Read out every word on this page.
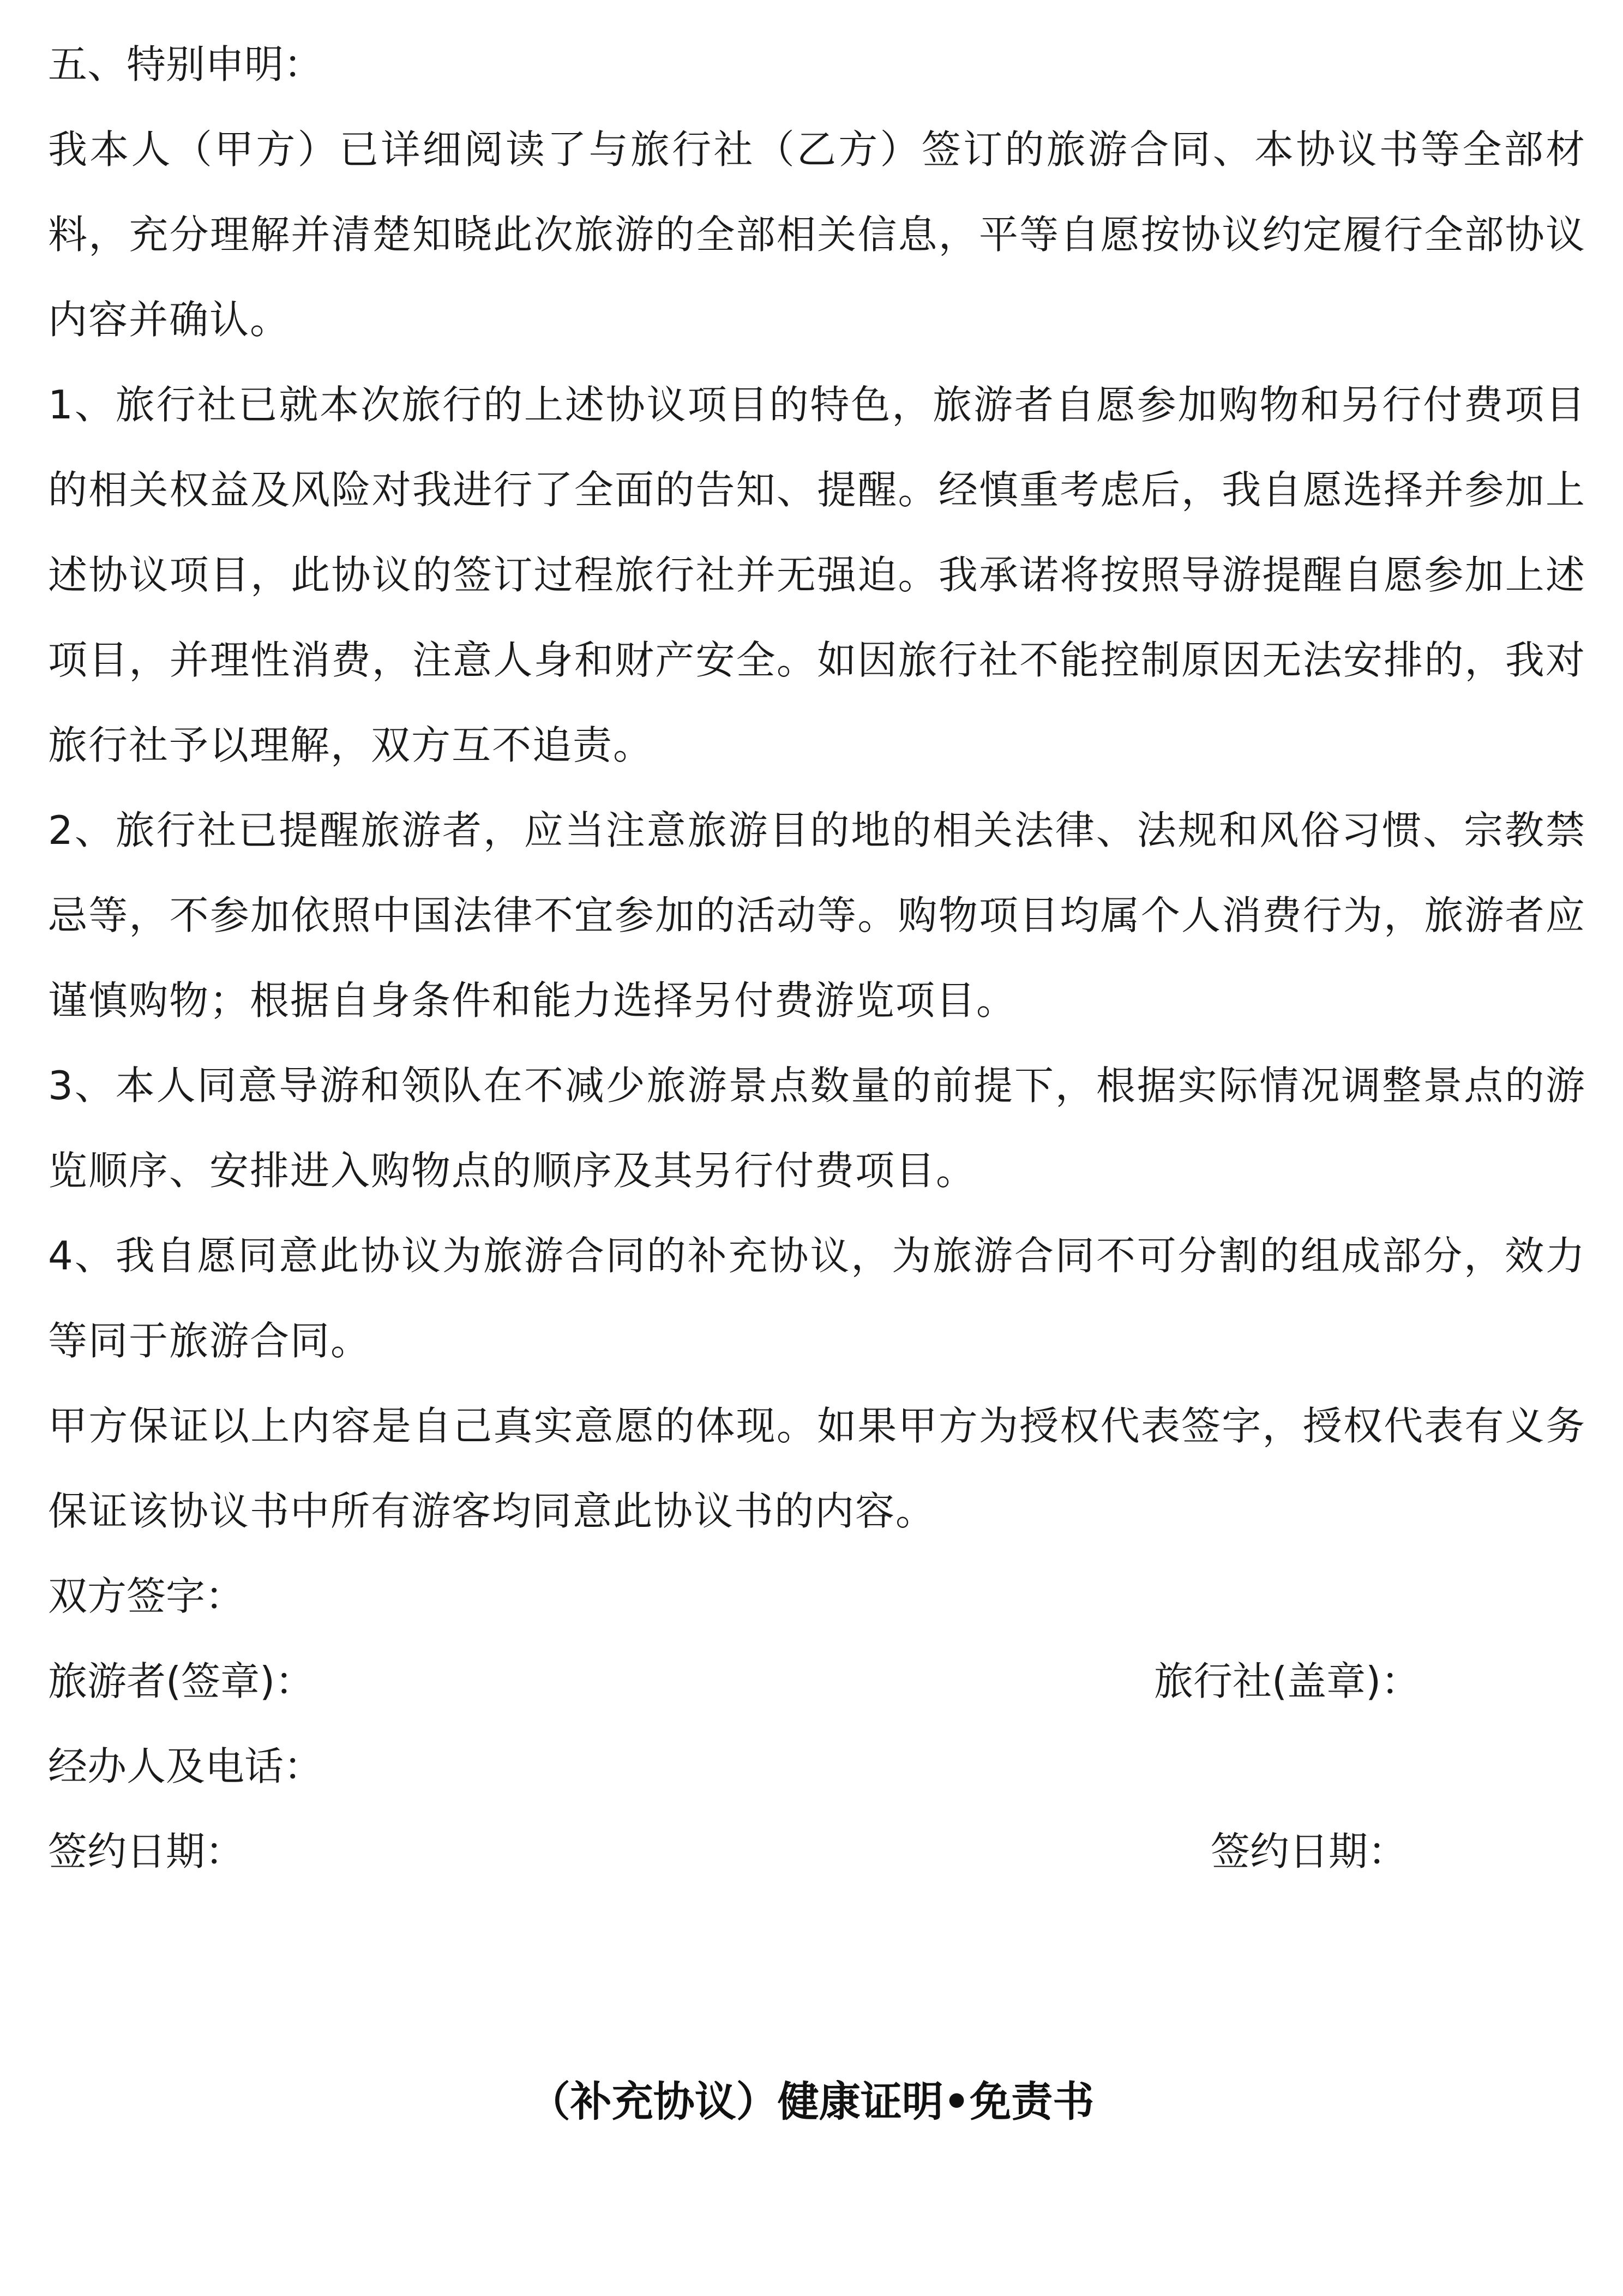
五、特别申明：

我本人（甲方）已详细阅读了与旅行社（乙方）签订的旅游合同、本协议书等全部材料，充分理解并清楚知晓此次旅游的全部相关信息，平等自愿按协议约定履行全部协议内容并确认。

1、旅行社已就本次旅行的上述协议项目的特色，旅游者自愿参加购物和另行付费项目的相关权益及风险对我进行了全面的告知、提醒。经慎重考虑后，我自愿选择并参加上述协议项目，此协议的签订过程旅行社并无强迫。我承诺将按照导游提醒自愿参加上述项目，并理性消费，注意人身和财产安全。如因旅行社不能控制原因无法安排的，我对旅行社予以理解，双方互不追责。

2、旅行社已提醒旅游者，应当注意旅游目的地的相关法律、法规和风俗习惯、宗教禁忌等，不参加依照中国法律不宜参加的活动等。购物项目均属个人消费行为，旅游者应谨慎购物；根据自身条件和能力选择另付费游览项目。

3、本人同意导游和领队在不减少旅游景点数量的前提下，根据实际情况调整景点的游览顺序、安排进入购物点的顺序及其另行付费项目。

4、我自愿同意此协议为旅游合同的补充协议，为旅游合同不可分割的组成部分，效力等同于旅游合同。

甲方保证以上内容是自己真实意愿的体现。如果甲方为授权代表签字，授权代表有义务保证该协议书中所有游客均同意此协议书的内容。

双方签字：

旅游者(签章)：	旅行社(盖章)：
经办人及电话：
签约日期：	签约日期：
（补充协议）健康证明•免责书
